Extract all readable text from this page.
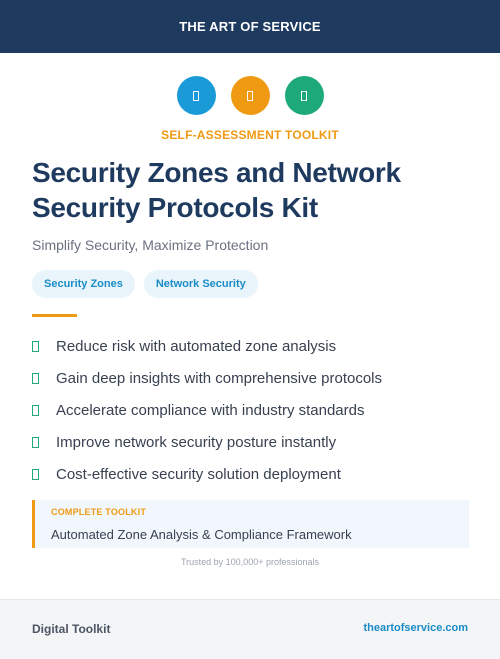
THE ART OF SERVICE
SELF-ASSESSMENT TOOLKIT
Security Zones and Network Security Protocols Kit
Simplify Security, Maximize Protection
Security Zones	Network Security
Reduce risk with automated zone analysis
Gain deep insights with comprehensive protocols
Accelerate compliance with industry standards
Improve network security posture instantly
Cost-effective security solution deployment
COMPLETE TOOLKIT
Automated Zone Analysis & Compliance Framework
Trusted by 100,000+ professionals
Digital Toolkit	theartofservice.com
